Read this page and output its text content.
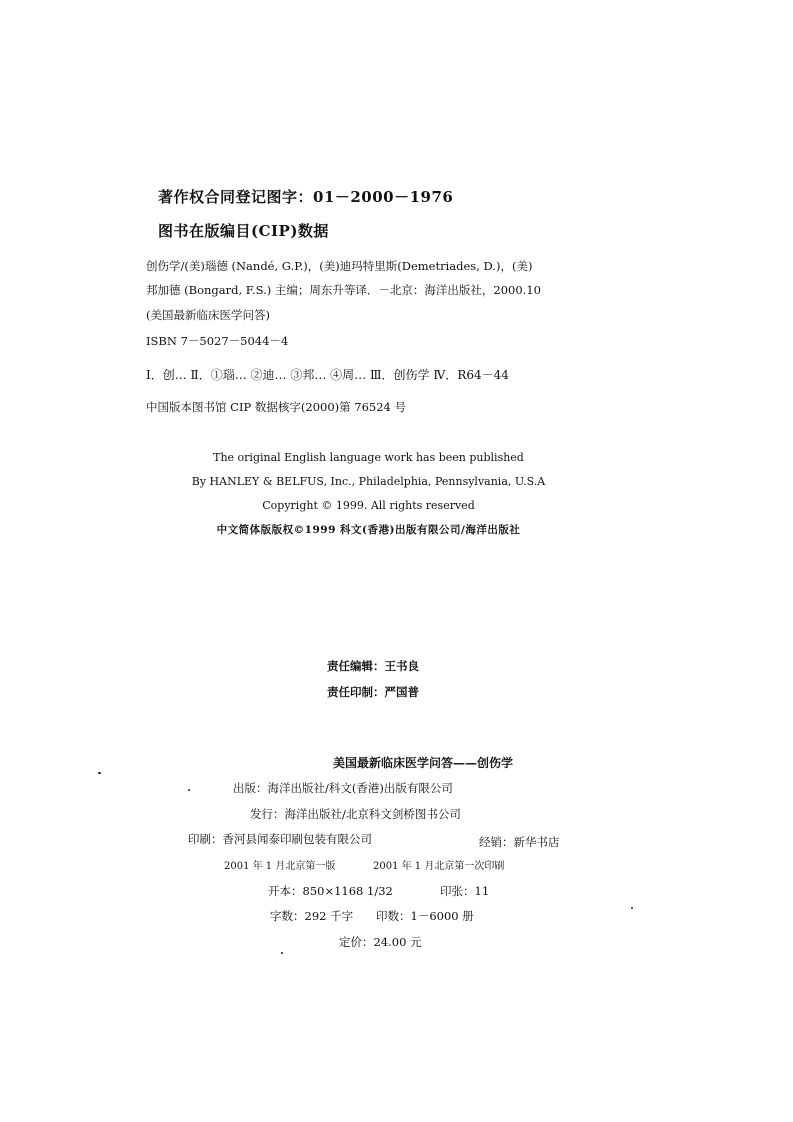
著作权合同登记图字：01－2000－1976
图书在版编目(CIP)数据
创伤学/(美)瑙德 (Nandé, G.P.)，(美)迪玛特里斯(Demetriades, D.)，(美)
邦加德 (Bongard, F.S.) 主编；周东升等译．－北京：海洋出版社，2000.10
(美国最新临床医学问答)
ISBN 7－5027－5044－4
Ⅰ．创… Ⅱ．①瑙… ②迪… ③邦… ④周… Ⅲ．创伤学 Ⅳ．R64－44
中国版本图书馆 CIP 数据核字(2000)第 76524 号
The original English language work has been published
By HANLEY & BELFUS, Inc., Philadelphia, Pennsylvania, U.S.A
Copyright © 1999. All rights reserved
中文简体版版权©1999 科文(香港)出版有限公司/海洋出版社
责任编辑：王书良
责任印制：严国普
美国最新临床医学问答——创伤学
出版：海洋出版社/科文(香港)出版有限公司
发行：海洋出版社/北京科文剑桥图书公司
印刷：香河县闻泰印刷包装有限公司	经销：新华书店
2001 年 1 月北京第一版	2001 年 1 月北京第一次印刷
开本：850×1168 1/32	印张：11
字数：292 千字 印数：1－6000 册
定价：24.00 元
